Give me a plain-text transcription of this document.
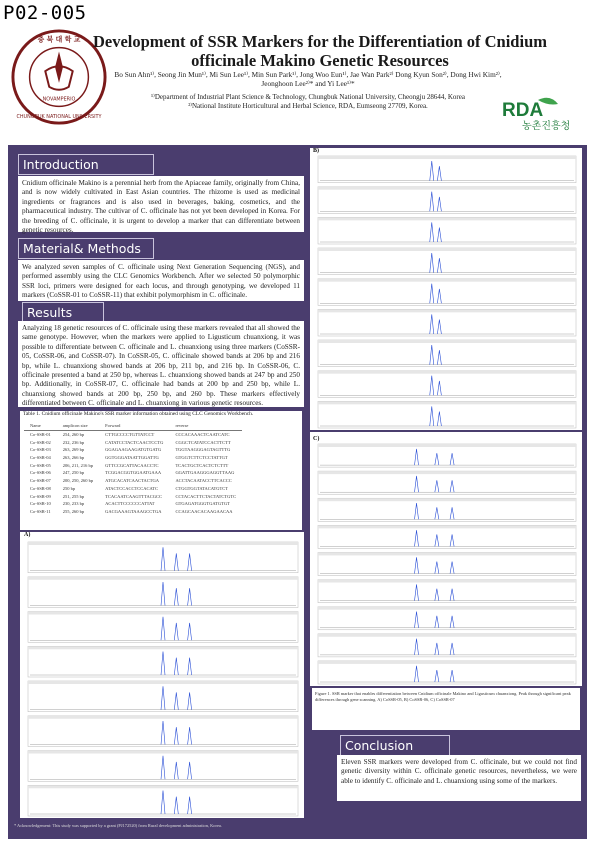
P02-005
충 북 대 학 교
NOVAMPERIO
CHUNGBUK NATIONAL UNIVERSITY
Development of SSR Markers for the Differentiation of Cnidium
officinale Makino Genetic Resources
Bo Sun Ahn¹⁾, Seong Jin Mun¹⁾, Mi Sun Lee¹⁾, Min Sun Park¹⁾, Jong Woo Eun¹⁾, Jae Wan Park²⁾ Dong Kyun Son²⁾, Dong Hwi Kim²⁾, Jeonghoon Lee²⁾* and Yi Lee¹⁾*
¹⁾Department of Industrial Plant Science & Technology, Chungbuk National University, Cheongju 28644, Korea
²⁾National Institute Horticultural and Herbal Science, RDA, Eumseong 27709, Korea.	RDA
농촌진흥청
Introduction
Cnidium officinale Makino is a perennial herb from the Apiaceae family, originally from China, and is now widely cultivated in East Asian countries. The rhizome is used as medicinal ingredients or fragrances and is also used in beverages, baking, cosmetics, and the pharmaceutical industry. The cultivar of C. officinale has not yet been developed in Korea. For the breeding of C. officinale, it is urgent to develop a marker that can differentiate between genetic resources.
Material& Methods
We analyzed seven samples of C. officinale using Next Generation Sequencing (NGS), and performed assembly using the CLC Genomics Workbench. After we selected 50 polymorphic SSR loci, primers were designed for each locus, and through genotyping, we developed 11 markers (CoSSR-01 to CoSSR-11) that exhibit polymorphism in C. officinale.
Results
Analyzing 18 genetic resources of C. officinale using these markers revealed that all showed the same genotype. However, when the markers were applied to Ligusticum chuanxiong, it was possible to differentiate between C. officinale and L. chuanxiong using three markers (CoSSR-05, CoSSR-06, and CoSSR-07). In CoSSR-05, C. officinale showed bands at 206 bp and 216 bp, while L. chuanxiong showed bands at 206 bp, 211 bp, and 216 bp. In CoSSR-06, C. officinale presented a band at 250 bp, whereas L. chuanxiong showed bands at 247 bp and 250 bp. Additionally, in CoSSR-07, C. officinale had bands at 200 bp and 250 bp, while L. chuanxiong showed bands at 200 bp, 250 bp, and 260 bp. These markers effectively differentiated between C. officinale and L. chuanxiong in various genetic resources.
Table 1. Cnidium officinale Makino's SSR marker information obtained using CLC Genomics Workbench.
Name	amplicon size	Forward	reverse
Co-SSR-01	254, 260 bp	CTTGCCCCTGTTATCCT	CCCACAAACTCAATCATC
Co-SSR-02	232, 236 bp	CATATCCTACTCAACTCCTG	CGGCTCATATCCACTTCTT
Co-SSR-03	263, 269 bp	GGAGAAGAAGATGTGATG	TGGTAAGGGAGTAGTTTG
Co-SSR-04	263, 266 bp	GGTGGGATAATTGGATTG	GTGGTCTTCTCCTATTGT
Co-SSR-05	206, 211, 216 bp	GTTCCGCATTACAACCTC	TCACTGCTCACTCTCTTT
Co-SSR-06	247, 250 bp	TCGGACGGTGGAATGAAA	GGATTGAAGGGAGGTTAAG
Co-SSR-07	200, 250, 260 bp	ATGCACATCAACTACTGA	ACCTACAATACCTTCACCC
Co-SSR-08	250 bp	ATACTCCACCTCCACATC	CTGGTGGTATACATGTCT
Co-SSR-09	251, 255 bp	TCACAATCAAGTTTACGCC	CCTACACTTCTACTATCTGTC
Co-SSR-10	230, 233 bp	ACACTTCCCCCCATTAT	GTGAGATGGGTGATGTGT
Co-SSR-11	255, 260 bp	GACGAAAGTAAAGCCTGA	CCAGCAACACAAGAACAA
A)
B)
C)
Figure 1. SSR marker that enables differentiation between Cnidium officinale Makino and Ligusticum chuanxiong. Peak through significant peak differences through gene scanning. A) CoSSR-05, B) CoSSR-06, C) CoSSR-07
Conclusion
Eleven SSR markers were developed from C. officinale, but we could not find genetic diversity within C. officinale genetic resources, nevertheless, we were able to identify C. officinale and L. chuanxiong using some of the markers.
* Acknowledgement: This study was supported by a grant (PJ172520) from Rural development administration, Korea.
